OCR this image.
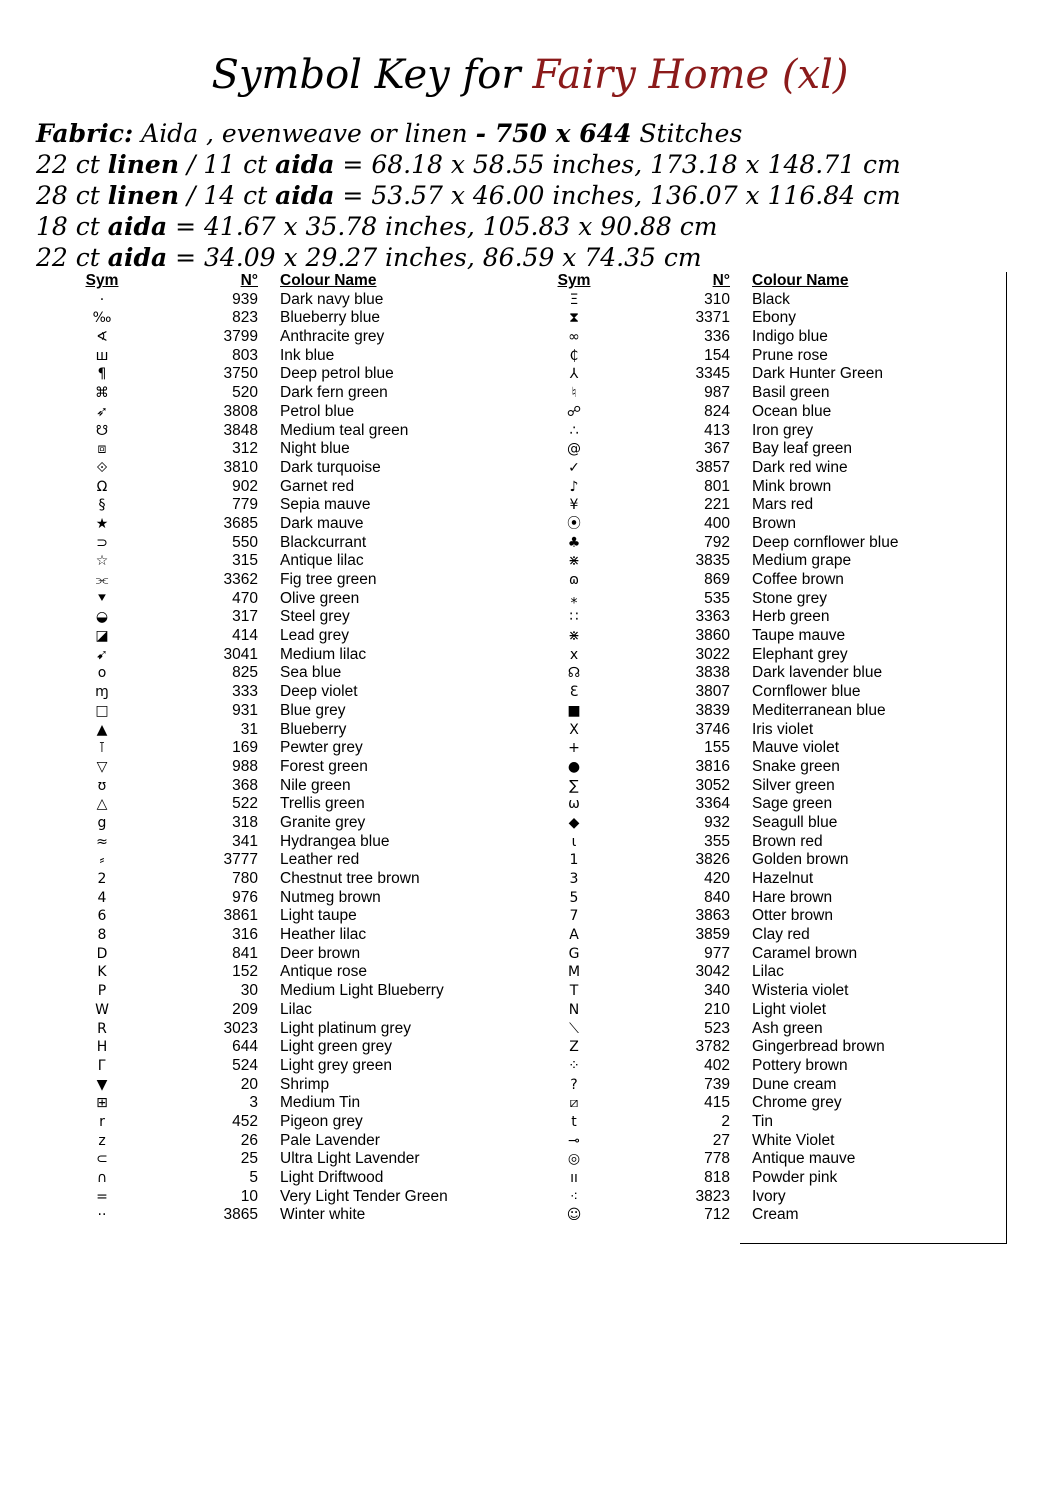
Symbol Key for Fairy Home (xl)
Fabric: Aida , evenweave or linen - 750 x 644 Stitches
22 ct linen / 11 ct aida = 68.18 x 58.55 inches, 173.18 x 148.71 cm
28 ct linen / 14 ct aida = 53.57 x 46.00 inches, 136.07 x 116.84 cm
18 ct aida = 41.67 x 35.78 inches, 105.83 x 90.88 cm
22 ct aida = 34.09 x 29.27 inches, 86.59 x 74.35 cm
Sym	N° Colour Name
·	939 Dark navy blue
‰	823 Blueberry blue
∢	3799 Anthracite grey
ш	803 Ink blue
¶	3750 Deep petrol blue
⌘	520 Dark fern green
➶	3808 Petrol blue
☋	3848 Medium teal green
⧈	312 Night blue
⟐	3810 Dark turquoise
Ω	902 Garnet red
§	779 Sepia mauve
★	3685 Dark mauve
⊃	550 Blackcurrant
☆	315 Antique lilac
⫘	3362 Fig tree green
⯆	470 Olive green
◒	317 Steel grey
◪	414 Lead grey
➹	3041 Medium lilac
o	825 Sea blue
ɱ	333 Deep violet
□	931 Blue grey
▲	31 Blueberry
⊺	169 Pewter grey
▽	988 Forest green
ʊ	368 Nile green
△	522 Trellis green
g	318 Granite grey
≈	341 Hydrangea blue
⸗	3777 Leather red
2	780 Chestnut tree brown
4	976 Nutmeg brown
6	3861 Light taupe
8	316 Heather lilac
D	841 Deer brown
K	152 Antique rose
P	30 Medium Light Blueberry
W	209 Lilac
R	3023 Light platinum grey
H	644 Light green grey
Г	524 Light grey green
▼	20 Shrimp
⊞	3 Medium Tin
r	452 Pigeon grey
z	26 Pale Lavender
⊂	25 Ultra Light Lavender
∩	5 Light Driftwood
=	10 Very Light Tender Green
··	3865 Winter white
Sym	N° Colour Name
Ξ	310 Black
⧗	3371 Ebony
∞	336 Indigo blue
₵	154 Prune rose
⅄	3345 Dark Hunter Green
♮	987 Basil green
☍	824 Ocean blue
∴	413 Iron grey
@	367 Bay leaf green
✓	3857 Dark red wine
♪	801 Mink brown
¥	221 Mars red
⦿	400 Brown
♣	792 Deep cornflower blue
⋇	3835 Medium grape
ɷ	869 Coffee brown
⁎	535 Stone grey
∷	3363 Herb green
⋇	3860 Taupe mauve
x	3022 Elephant grey
☊	3838 Dark lavender blue
Ɛ	3807 Cornflower blue
■	3839 Mediterranean blue
X	3746 Iris violet
+	155 Mauve violet
●	3816 Snake green
∑	3052 Silver green
ω	3364 Sage green
◆	932 Seagull blue
ɩ	355 Brown red
1	3826 Golden brown
3	420 Hazelnut
5	840 Hare brown
7	3863 Otter brown
A	3859 Clay red
G	977 Caramel brown
M	3042 Lilac
T	340 Wisteria violet
N	210 Light violet
⟍	523 Ash green
Z	3782 Gingerbread brown
⁘	402 Pottery brown
?	739 Dune cream
⧄	415 Chrome grey
t	2 Tin
⊸	27 White Violet
◎	778 Antique mauve
ıı	818 Powder pink
⁖	3823 Ivory
☺	712 Cream
